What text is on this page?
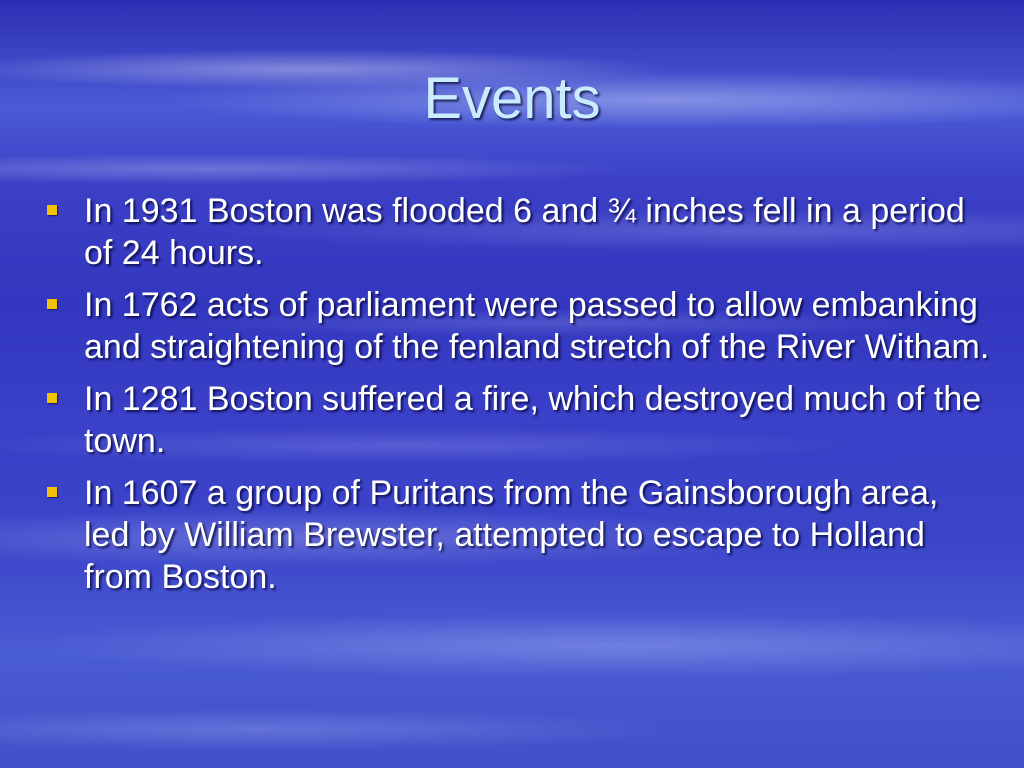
Events
In 1931 Boston was flooded 6 and ¾ inches fell in a period of 24 hours.
In 1762 acts of parliament were passed to allow embanking and straightening of the fenland stretch of the River Witham.
In 1281 Boston suffered a fire, which destroyed much of the town.
In 1607 a group of Puritans from the Gainsborough area, led by William Brewster, attempted to escape to Holland from Boston.
